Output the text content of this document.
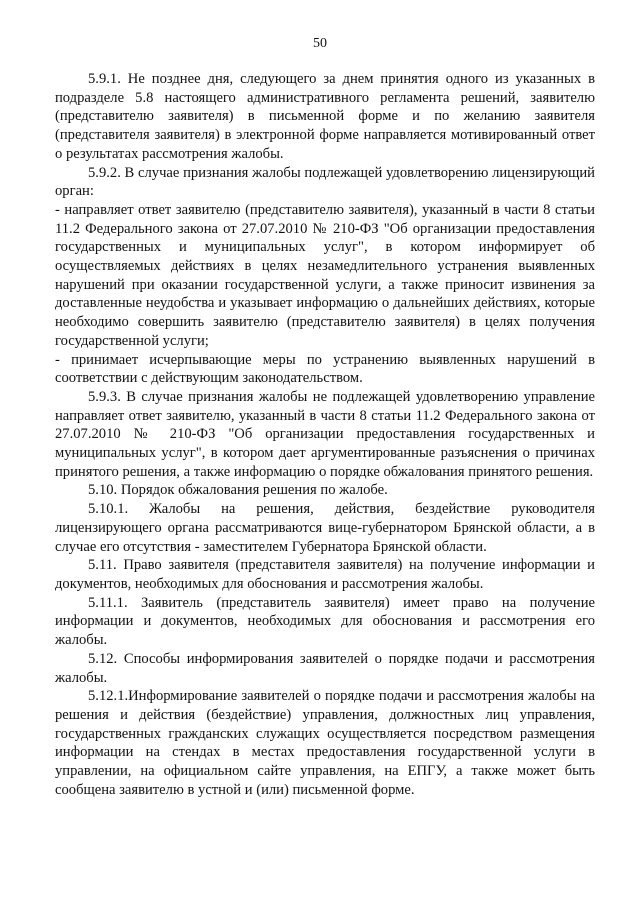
50

5.9.1. Не позднее дня, следующего за днем принятия одного из указанных в подразделе 5.8 настоящего административного регламента решений, заявителю (представителю заявителя) в письменной форме и по желанию заявителя (представителя заявителя) в электронной форме направляется мотивированный ответ о результатах рассмотрения жалобы.

5.9.2. В случае признания жалобы подлежащей удовлетворению лицензирующий орган:

- направляет ответ заявителю (представителю заявителя), указанный в части 8 статьи 11.2 Федерального закона от 27.07.2010 № 210-ФЗ "Об организации предоставления государственных и муниципальных услуг", в котором информирует об осуществляемых действиях в целях незамедлительного устранения выявленных нарушений при оказании государственной услуги, а также приносит извинения за доставленные неудобства и указывает информацию о дальнейших действиях, которые необходимо совершить заявителю (представителю заявителя) в целях получения государственной услуги;

- принимает исчерпывающие меры по устранению выявленных нарушений в соответствии с действующим законодательством.

5.9.3. В случае признания жалобы не подлежащей удовлетворению управление направляет ответ заявителю, указанный в части 8 статьи 11.2 Федерального закона от 27.07.2010 № 210-ФЗ "Об организации предоставления государственных и муниципальных услуг", в котором дает аргументированные разъяснения о причинах принятого решения, а также информацию о порядке обжалования принятого решения.

5.10. Порядок обжалования решения по жалобе.

5.10.1. Жалобы на решения, действия, бездействие руководителя лицензирующего органа рассматриваются вице-губернатором Брянской области, а в случае его отсутствия - заместителем Губернатора Брянской области.

5.11. Право заявителя (представителя заявителя) на получение информации и документов, необходимых для обоснования и рассмотрения жалобы.

5.11.1. Заявитель (представитель заявителя) имеет право на получение информации и документов, необходимых для обоснования и рассмотрения его жалобы.

5.12. Способы информирования заявителей о порядке подачи и рассмотрения жалобы.

5.12.1.Информирование заявителей о порядке подачи и рассмотрения жалобы на решения и действия (бездействие) управления, должностных лиц управления, государственных гражданских служащих осуществляется посредством размещения информации на стендах в местах предоставления государственной услуги в управлении, на официальном сайте управления, на ЕПГУ, а также может быть сообщена заявителю в устной и (или) письменной форме.
